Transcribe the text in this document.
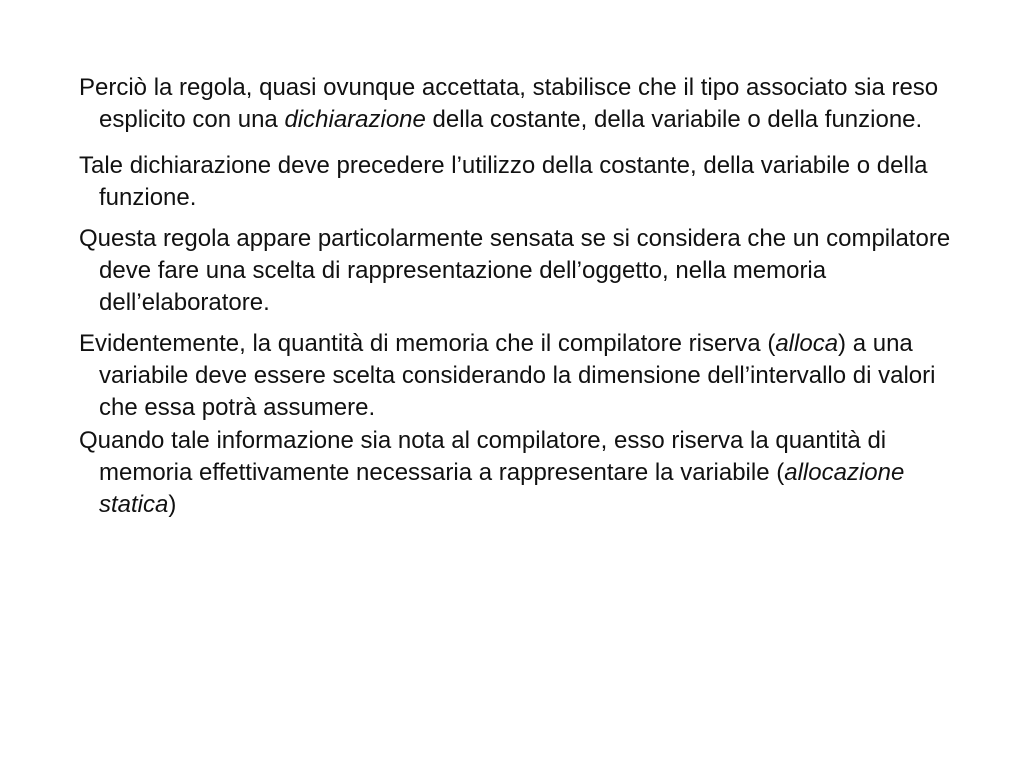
Perciò la regola, quasi ovunque accettata, stabilisce che il tipo associato sia reso esplicito con una dichiarazione della costante, della variabile o della funzione.

Tale dichiarazione deve precedere l’utilizzo della costante, della variabile o della funzione.

Questa regola appare particolarmente sensata se si considera che un compilatore deve fare una scelta di rappresentazione dell’oggetto, nella memoria dell’elaboratore.

Evidentemente, la quantità di memoria che il compilatore riserva (alloca) a una variabile deve essere scelta considerando la dimensione dell’intervallo di valori che essa potrà assumere.

Quando tale informazione sia nota al compilatore, esso riserva la quantità di memoria effettivamente necessaria a rappresentare la variabile (allocazione statica)
